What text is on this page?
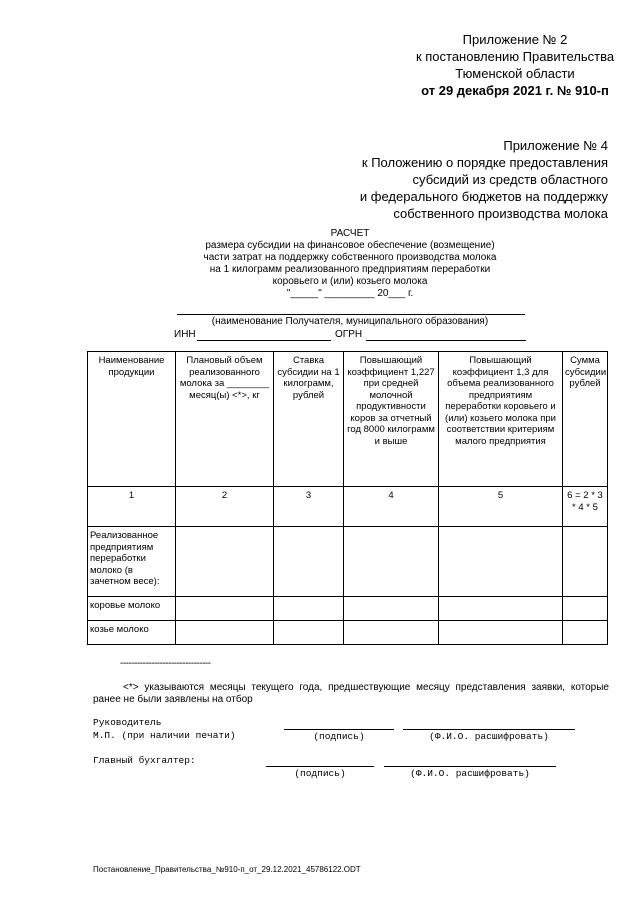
Приложение № 2
к постановлению Правительства
Тюменской области
от 29 декабря 2021 г. № 910-п
Приложение № 4
к Положению о порядке предоставления
субсидий из средств областного
и федерального бюджетов на поддержку
собственного производства молока
РАСЧЕТ
размера субсидии на финансовое обеспечение (возмещение)
части затрат на поддержку собственного производства молока
на 1 килограмм реализованного предприятиям переработки
коровьего и (или) козьего молока
"_____" _________ 20___ г.
(наименование Получателя, муниципального образования)
ИНН	ОГРН
Наименование продукции	Плановый объем реализованного молока за ________ месяц(ы) <*>, кг	Ставка субсидии на 1 килограмм, рублей	Повышающий коэффициент 1,227 при средней молочной продуктивности коров за отчетный год 8000 килограмм и выше	Повышающий коэффициент 1,3 для объема реализованного предприятиям переработки коровьего и (или) козьего молока при соответствии критериям малого предприятия	Сумма субсидии, рублей
1	2	3	4	5	6 = 2 * 3 * 4 * 5
Реализованное предприятиям переработки молоко (в зачетном весе):					
коровье молоко					
козье молоко					
--------------------------------
<*> указываются месяцы текущего года, предшествующие месяцу представления заявки, которые ранее не были заявлены на отбор
Руководитель
М.П. (при наличии печати)	(подпись)	(Ф.И.О. расшифровать)
Главный бухгалтер:
(подпись)	(Ф.И.О. расшифровать)
Постановление_Правительства_№910-п_от_29.12.2021_45786122.ODT
